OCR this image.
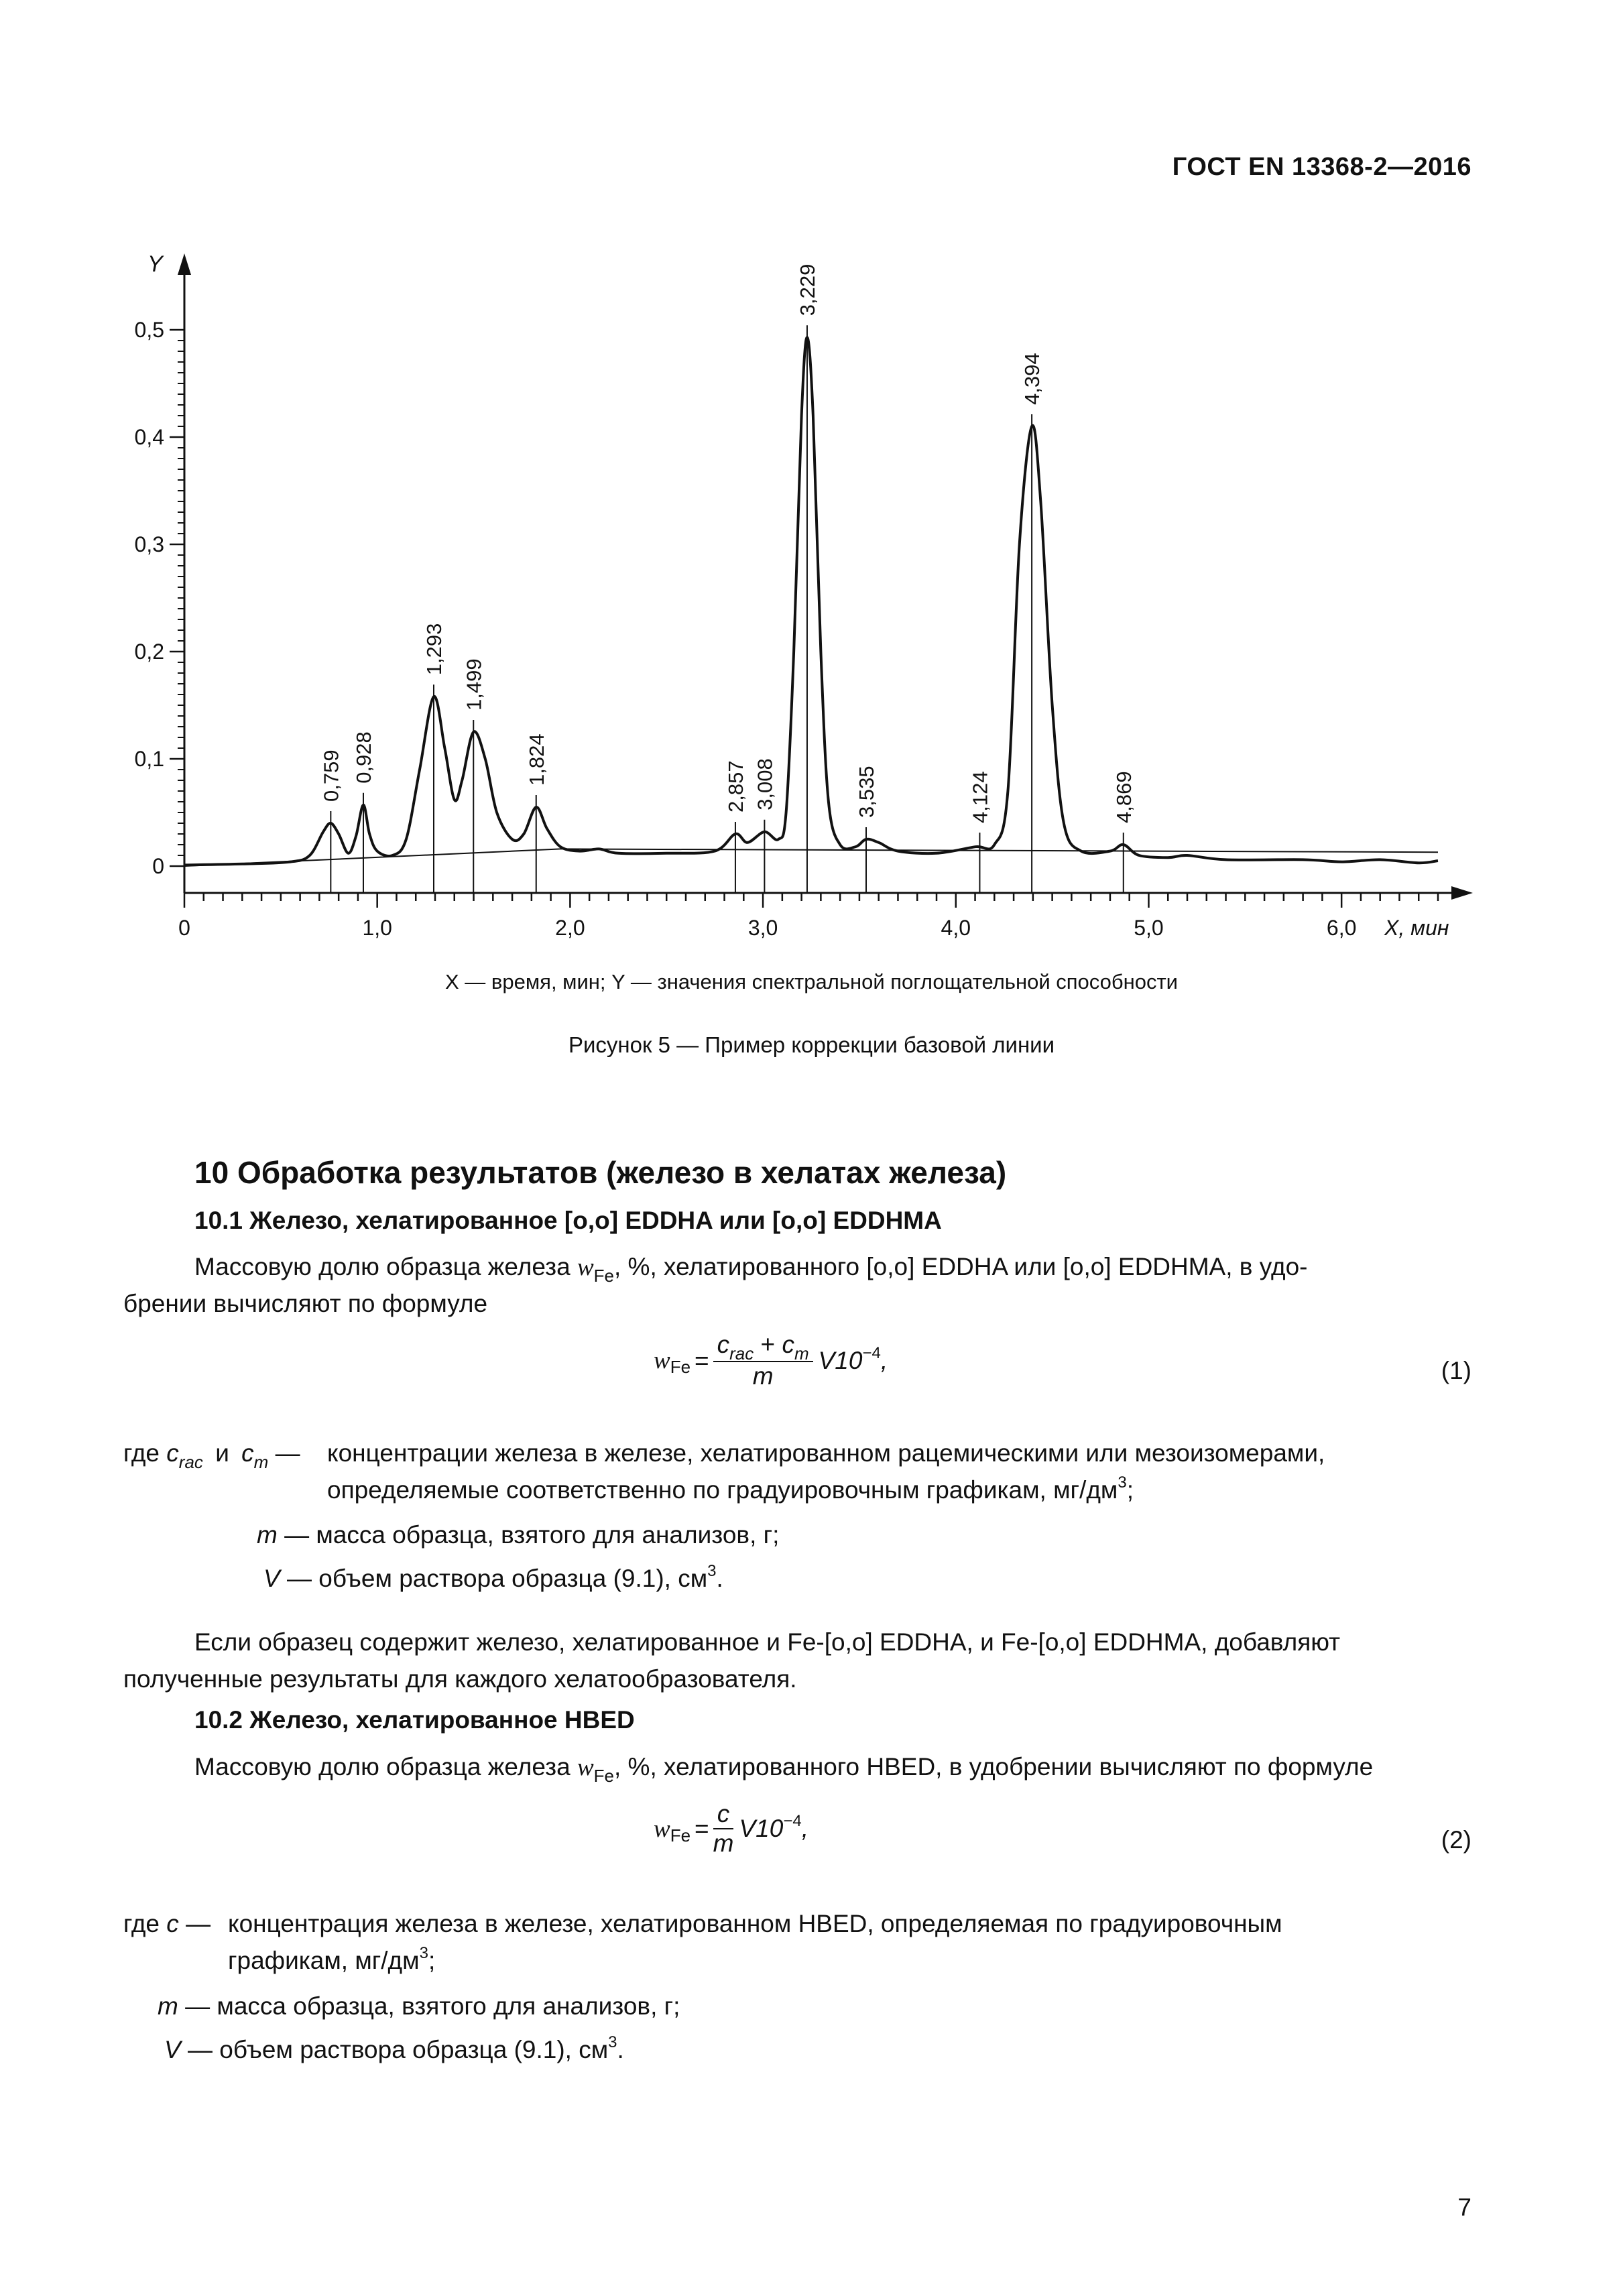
ГОСТ EN 13368-2—2016
Y
X, мин
0
0,1
0,2
0,3
0,4
0,5
0	1,0	2,0	3,0	4,0	5,0	6,0
0,759 0,928
1,293
1,499
1,824
2,857 3,008
3,229
3,535	4,124
4,394
4,869
X — время, мин; Y — значения спектральной поглощательной способности
Рисунок 5 — Пример коррекции базовой линии
10 Обработка результатов (железо в хелатах железа)
10.1 Железо, хелатированное [o,o] EDDHA или [o,o] EDDHMA
Массовую долю образца железа $w_{Fe}$, %, хелатированного [o,o] EDDHA или [o,o] EDDHMA, в удо-
брении вычисляют по формуле
w $Fe = \frac{c_{rac} + c_m}{m} V10^{-4}$,	(1)
где $c_{rac}$ и $c_m$ — концентрации железа в железе, хелатированном рацемическими или мезоизомерами,
определяемые соответственно по градуировочным графикам, $мг/дм^3$;
m — масса образца, взятого для анализов, г;
V — объем раствора образца (9.1), $см^3$.
Если образец содержит железо, хелатированное и Fe-[o,o] EDDHA, и Fe-[o,o] EDDHMA, добавляют
полученные результаты для каждого хелатообразователя.
10.2 Железо, хелатированное HBED
Массовую долю образца железа $w_{Fe}$, %, хелатированного HBED, в удобрении вычисляют по формуле
w $Fe = \frac{c}{m} V10^{-4}$,	(2)
где c — концентрация железа в железе, хелатированном HBED, определяемая по градуировочным
графикам, $мг/дм^3$;
m — масса образца, взятого для анализов, г;
V — объем раствора образца (9.1), $см^3$.
7
